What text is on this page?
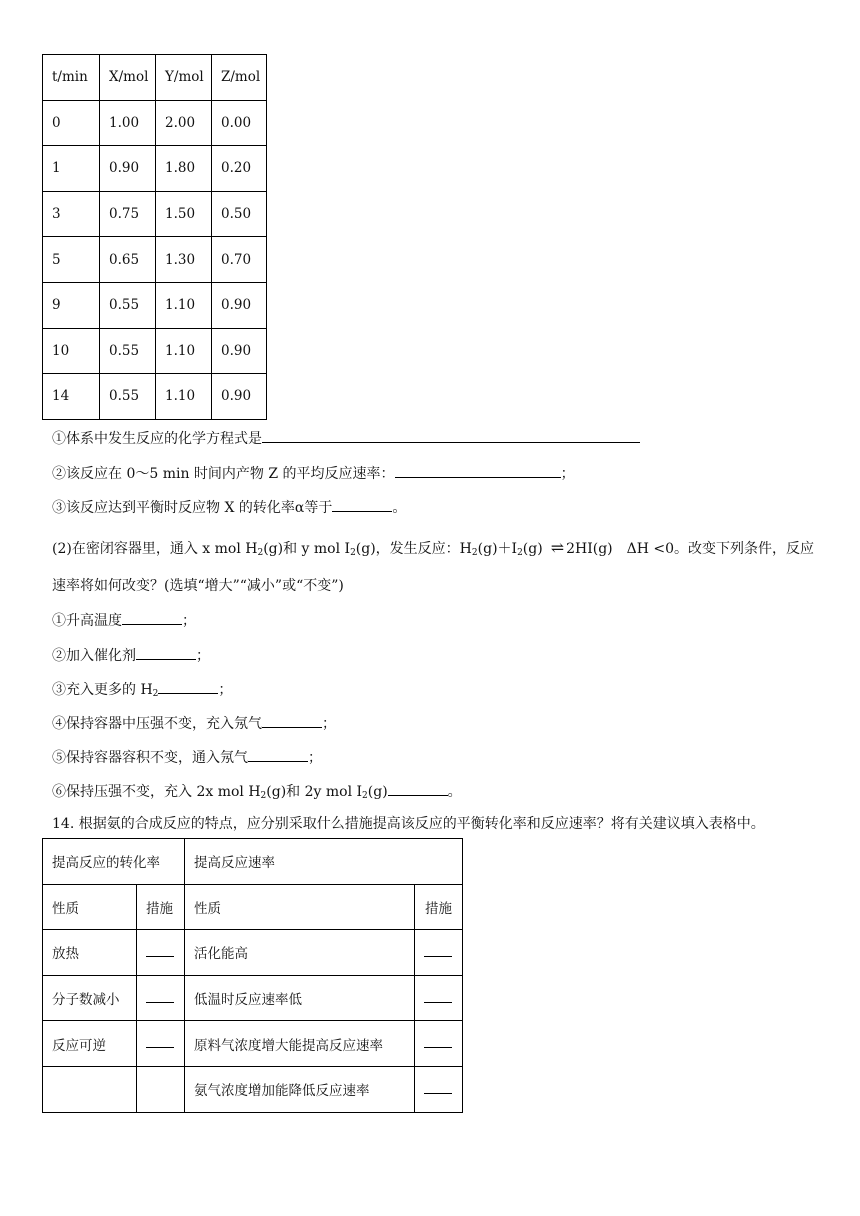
t/min	X/mol	Y/mol	Z/mol
0	1.00	2.00	0.00
1	0.90	1.80	0.20
3	0.75	1.50	0.50
5	0.65	1.30	0.70
9	0.55	1.10	0.90
10	0.55	1.10	0.90
14	0.55	1.10	0.90
①体系中发生反应的化学方程式是
②该反应在 0～5 min 时间内产物 Z 的平均反应速率：	；
③该反应达到平衡时反应物 X 的转化率α等于	。
(2)在密闭容器里，通入 x mol $H_2(g)$和 y mol $I_2(g)$，发生反应：$H_2(g)+I_2(g)$ ⇌ 2HI(g)　ΔH <0。改变下列条件，反应
速率将如何改变？(选填“增大”“减小”或“不变”)
①升高温度	；
②加入催化剂	；
③充入更多的 $H_2$	；
④保持容器中压强不变，充入氖气	；
⑤保持容器容积不变，通入氖气	；
⑥保持压强不变，充入 2x mol $H_2(g)$和 2y mol $I_2(g)$	。
14. 根据氨的合成反应的特点，应分别采取什么措施提高该反应的平衡转化率和反应速率？将有关建议填入表格中。
提高反应的转化率		提高反应速率	
性质	措施	性质	措施
放热		活化能高	
分子数减小		低温时反应速率低	
反应可逆		原料气浓度增大能提高反应速率	
		氨气浓度增加能降低反应速率	
